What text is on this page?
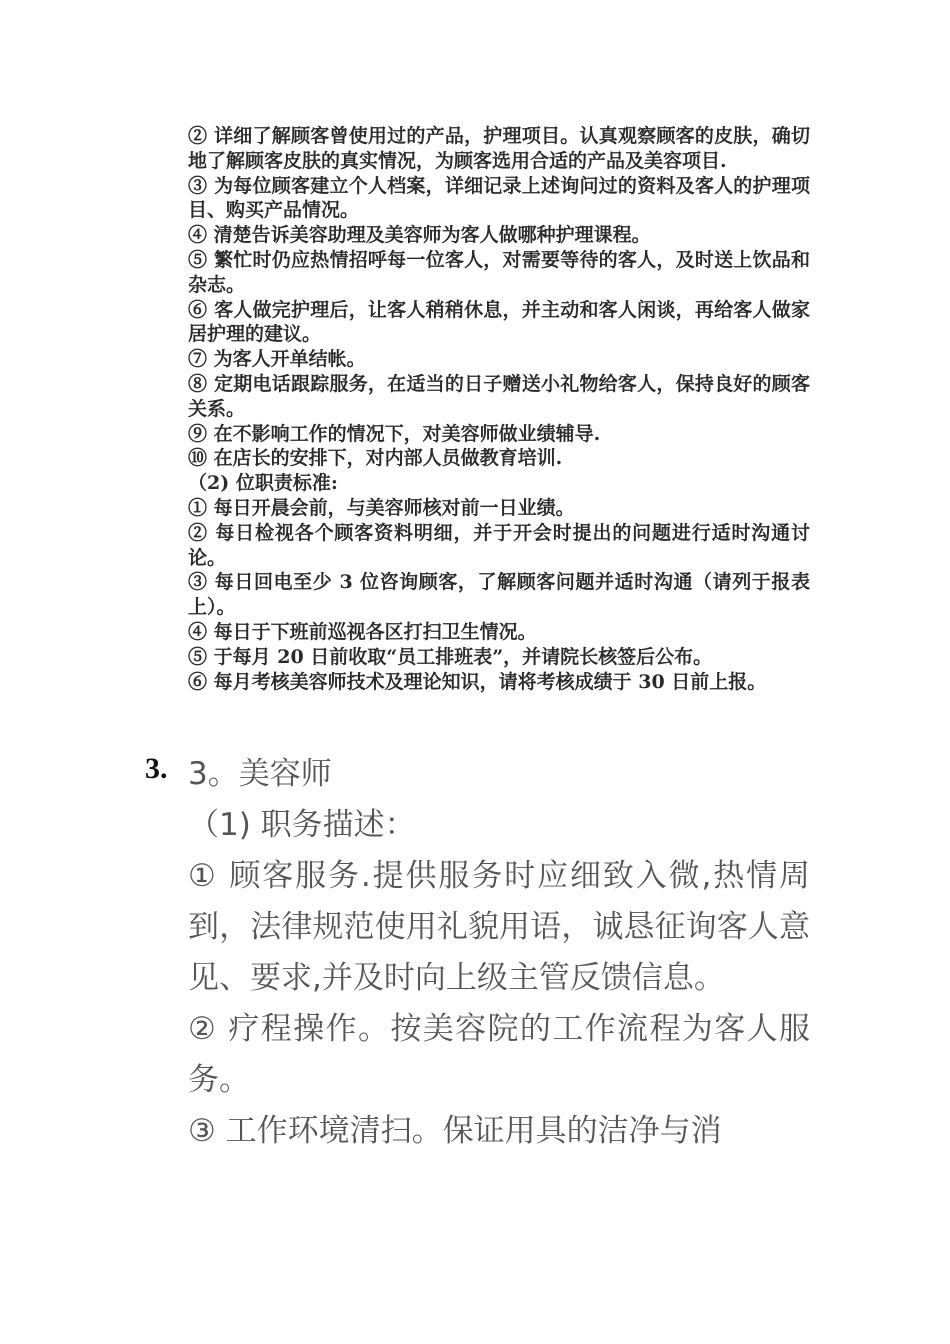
② 详细了解顾客曾使用过的产品，护理项目。认真观察顾客的皮肤，确切地了解顾客皮肤的真实情况，为顾客选用合适的产品及美容项目.

③ 为每位顾客建立个人档案，详细记录上述询问过的资料及客人的护理项目、购买产品情况。

④ 清楚告诉美容助理及美容师为客人做哪种护理课程。

⑤ 繁忙时仍应热情招呼每一位客人，对需要等待的客人，及时送上饮品和杂志。

⑥ 客人做完护理后，让客人稍稍休息，并主动和客人闲谈，再给客人做家居护理的建议。

⑦ 为客人开单结帐。

⑧ 定期电话跟踪服务，在适当的日子赠送小礼物给客人，保持良好的顾客关系。

⑨ 在不影响工作的情况下，对美容师做业绩辅导.

⑩ 在店长的安排下，对内部人员做教育培训.

（2) 位职责标准:

① 每日开晨会前，与美容师核对前一日业绩。

② 每日检视各个顾客资料明细，并于开会时提出的问题进行适时沟通讨论。

③ 每日回电至少 3 位咨询顾客，了解顾客问题并适时沟通（请列于报表上）。

④ 每日于下班前巡视各区打扫卫生情况。

⑤ 于每月 20 日前收取“员工排班表”，并请院长核签后公布。

⑥ 每月考核美容师技术及理论知识，请将考核成绩于 30 日前上报。

3. 3。美容师

（1) 职务描述：

① 顾客服务.提供服务时应细致入微,热情周到，法律规范使用礼貌用语，诚恳征询客人意见、要求,并及时向上级主管反馈信息。

② 疗程操作。按美容院的工作流程为客人服务。

③ 工作环境清扫。保证用具的洁净与消
